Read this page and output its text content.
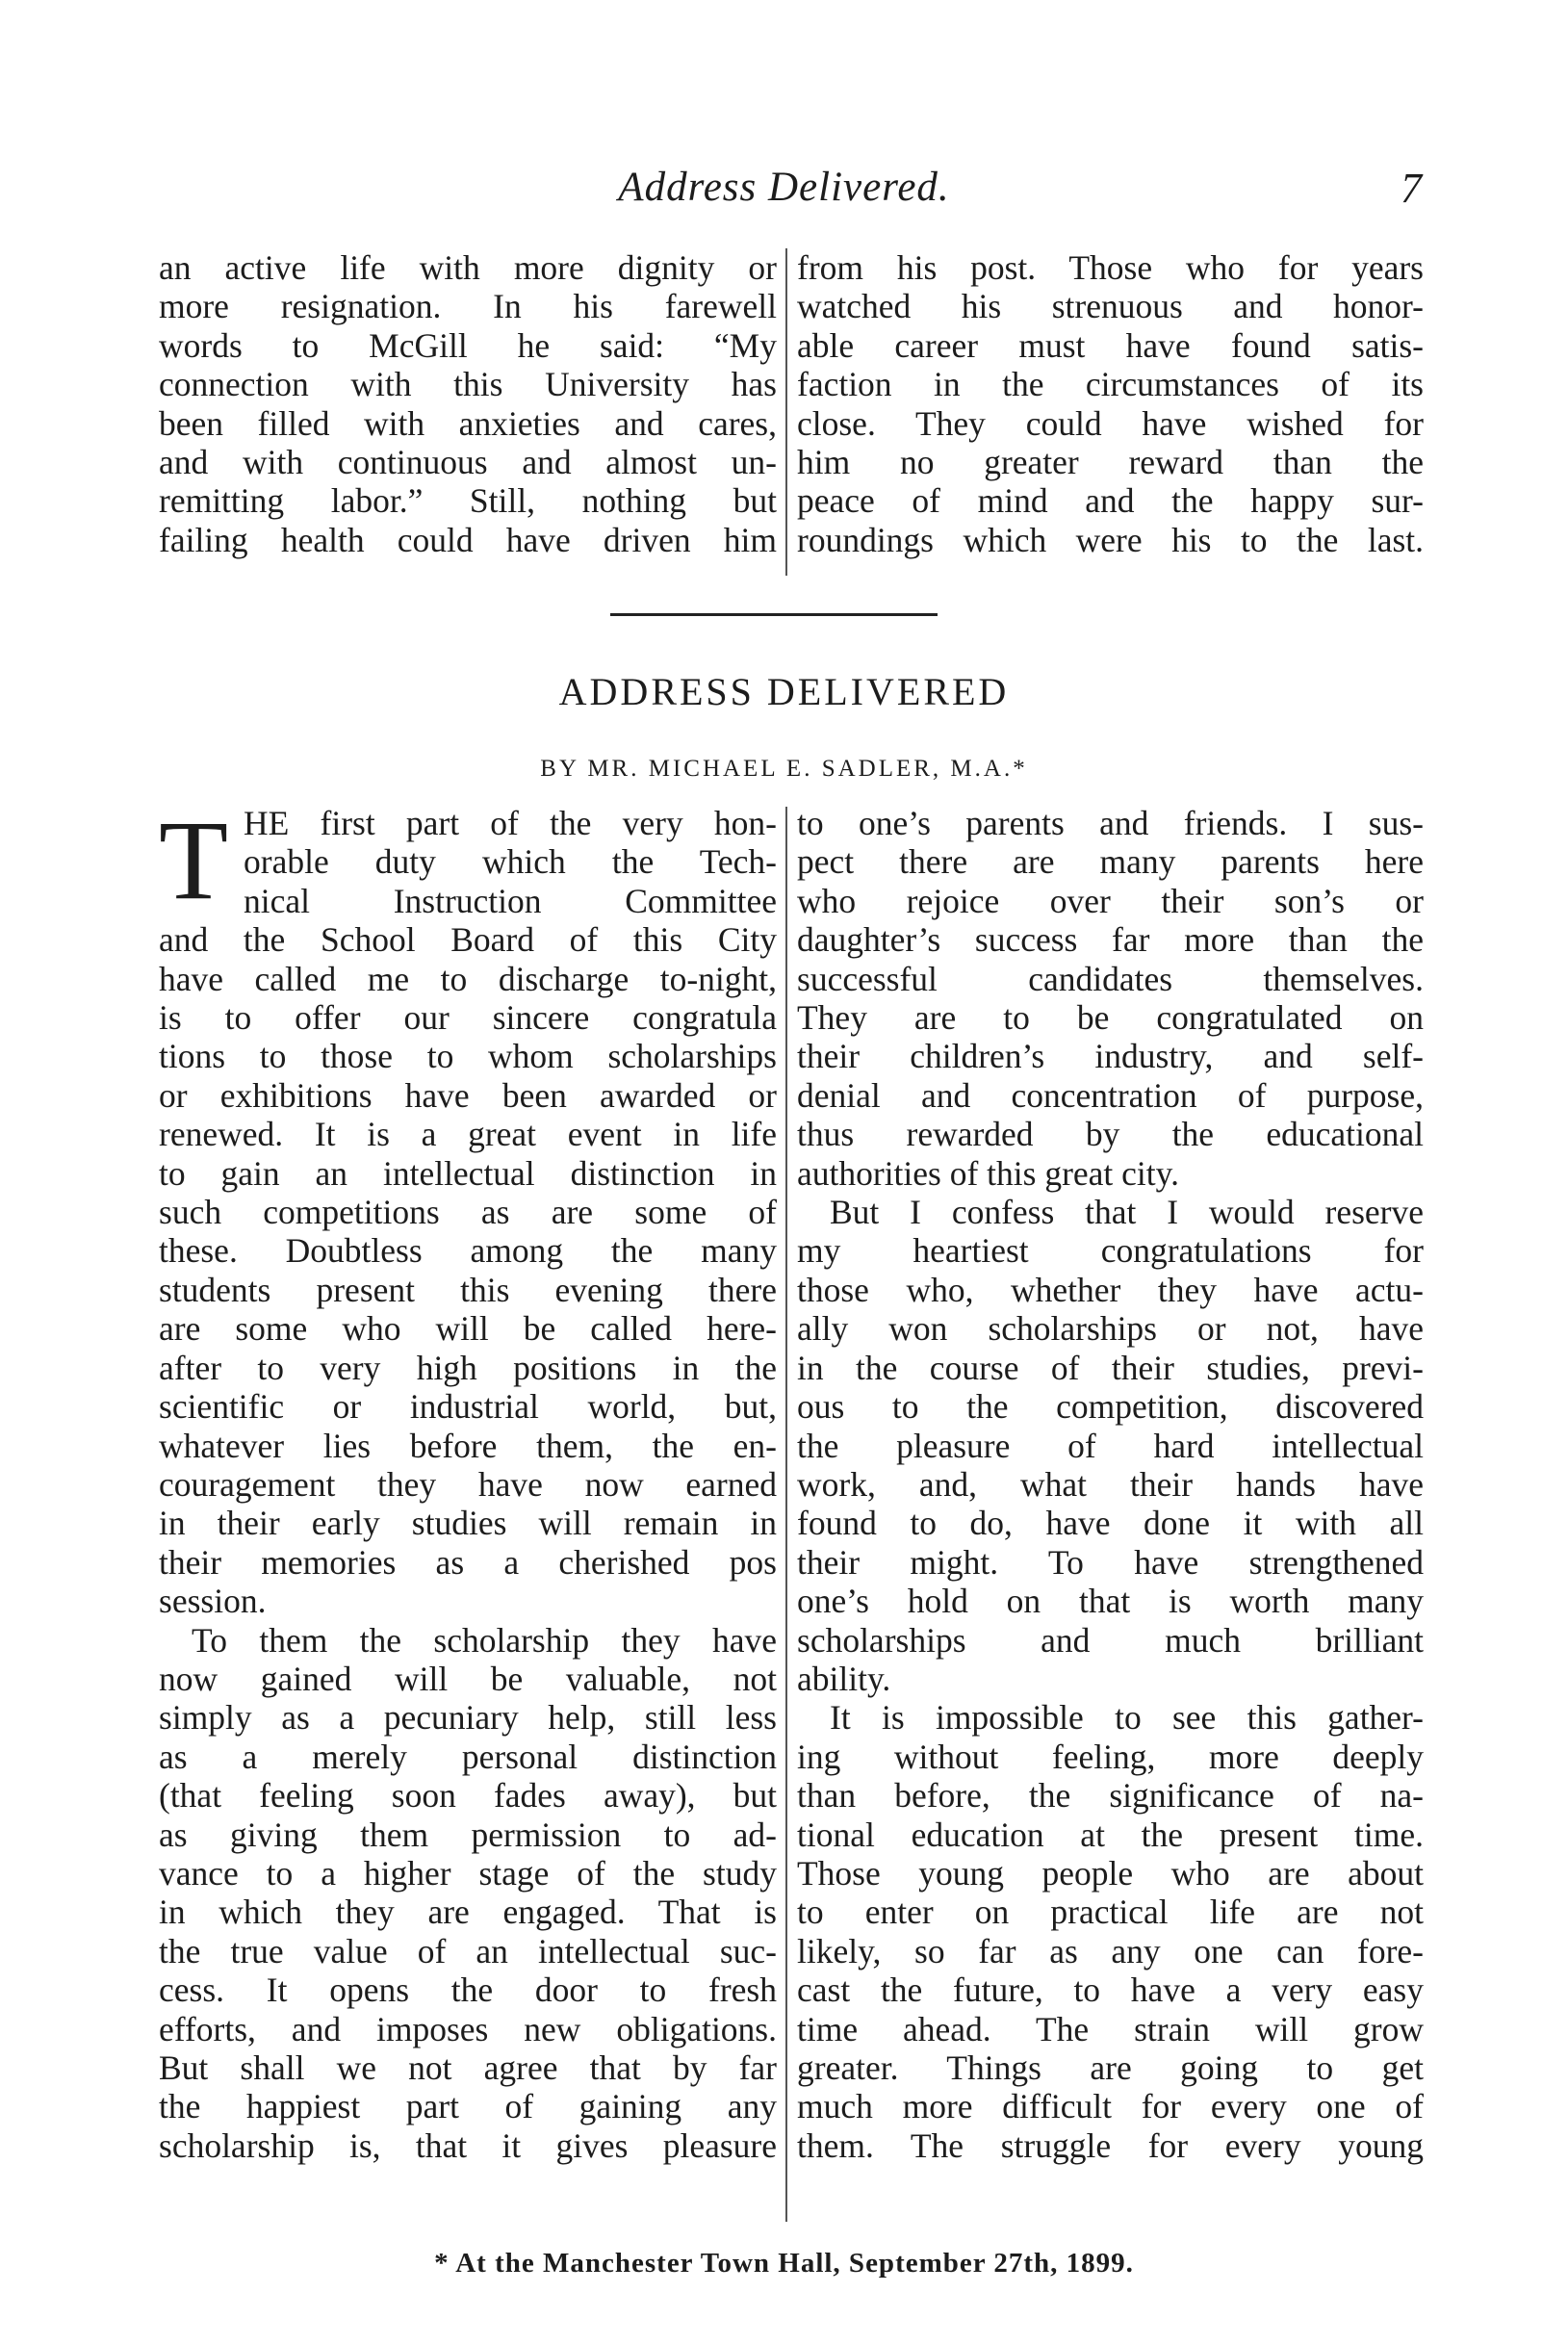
Address Delivered.	7
an active life with more dignity or
more resignation. In his farewell
words to McGill he said: “My
connection with this University has
been filled with anxieties and cares,
and with continuous and almost un-
remitting labor.” Still, nothing but
failing health could have driven him
from his post. Those who for years
watched his strenuous and honor-
able career must have found satis-
faction in the circumstances of its
close. They could have wished for
him no greater reward than the
peace of mind and the happy sur-
roundings which were his to the last.
ADDRESS DELIVERED
BY MR. MICHAEL E. SADLER, M.A.*
T HE first part of the very hon-
orable duty which the Tech-
nical Instruction Committee
and the School Board of this City
have called me to discharge to-night,
is to offer our sincere congratula
tions to those to whom scholarships
or exhibitions have been awarded or
renewed. It is a great event in life
to gain an intellectual distinction in
such competitions as are some of
these. Doubtless among the many
students present this evening there
are some who will be called here-
after to very high positions in the
scientific or industrial world, but,
whatever lies before them, the en-
couragement they have now earned
in their early studies will remain in
their memories as a cherished pos
session.
To them the scholarship they have
now gained will be valuable, not
simply as a pecuniary help, still less
as a merely personal distinction
(that feeling soon fades away), but
as giving them permission to ad-
vance to a higher stage of the study
in which they are engaged. That is
the true value of an intellectual suc-
cess. It opens the door to fresh
efforts, and imposes new obligations.
But shall we not agree that by far
the happiest part of gaining any
scholarship is, that it gives pleasure
to one’s parents and friends. I sus-
pect there are many parents here
who rejoice over their son’s or
daughter’s success far more than the
successful candidates themselves.
They are to be congratulated on
their children’s industry, and self-
denial and concentration of purpose,
thus rewarded by the educational
authorities of this great city.
But I confess that I would reserve
my heartiest congratulations for
those who, whether they have actu-
ally won scholarships or not, have
in the course of their studies, previ-
ous to the competition, discovered
the pleasure of hard intellectual
work, and, what their hands have
found to do, have done it with all
their might. To have strengthened
one’s hold on that is worth many
scholarships and much brilliant
ability.
It is impossible to see this gather-
ing without feeling, more deeply
than before, the significance of na-
tional education at the present time.
Those young people who are about
to enter on practical life are not
likely, so far as any one can fore-
cast the future, to have a very easy
time ahead. The strain will grow
greater. Things are going to get
much more difficult for every one of
them. The struggle for every young
* At the Manchester Town Hall, September 27th, 1899.
